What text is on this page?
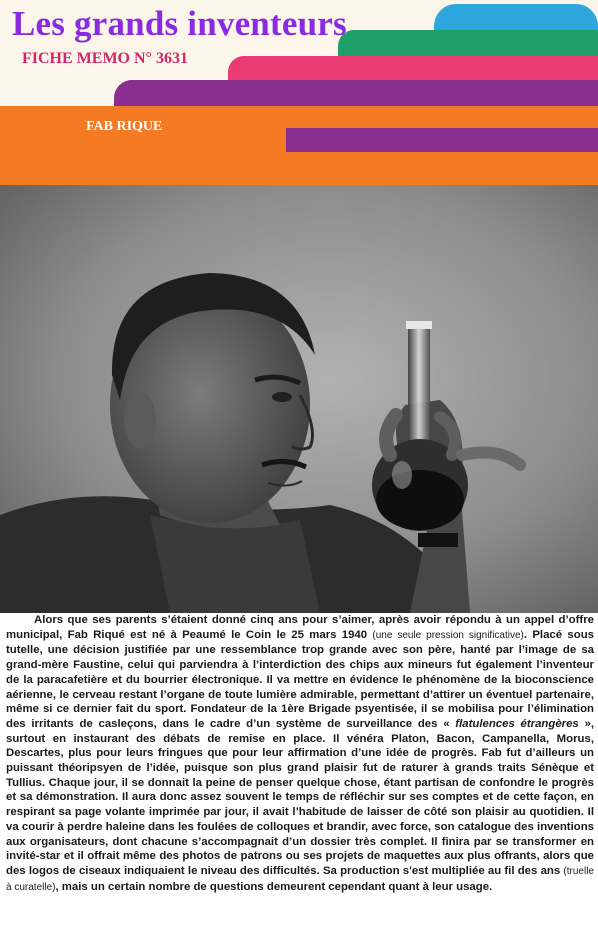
Les grands inventeurs

FICHE MEMO N° 3631

FAB RIQUE

Alors que ses parents s’étaient donné cinq ans pour s’aimer, après avoir répondu à un appel d’offre municipal, Fab Riqué est né à Peaumé le Coin le 25 mars 1940 (une seule pression significative). Placé sous tutelle, une décision justifiée par une ressemblance trop grande avec son père, hanté par l’image de sa grand-mère Faustine, celui qui parviendra à l’interdiction des chips aux mineurs fut également l’inventeur de la paracafetière et du bourrier électronique. Il va mettre en évidence le phénomène de la bioconscience aérienne, le cerveau restant l’organe de toute lumière admirable, permettant d’attirer un éventuel partenaire, même si ce dernier fait du sport. Fondateur de la 1ère Brigade psyentisée, il se mobilisa pour l’élimination des irritants de casleçons, dans le cadre d’un système de surveillance des « flatulences étrangères », surtout en instaurant des débats de remise en place. Il vénéra Platon, Bacon, Campanella, Morus, Descartes, plus pour leurs fringues que pour leur affirmation d’une idée de progrès. Fab fut d’ailleurs un puissant théoripsyen de l’idée, puisque son plus grand plaisir fut de raturer à grands traits Sénèque et Tullius. Chaque jour, il se donnait la peine de penser quelque chose, étant partisan de confondre le progrès et sa démonstration. Il aura donc assez souvent le temps de réfléchir sur ses comptes et de cette façon, en respirant sa page volante imprimée par jour, il avait l’habitude de laisser de côté son plaisir au quotidien. Il va courir à perdre haleine dans les foulées de colloques et brandir, avec force, son catalogue des inventions aux organisateurs, dont chacune s’accompagnait d’un dossier très complet. Il finira par se transformer en invité-star et il offrait même des photos de patrons ou ses projets de maquettes aux plus offrants, alors que des logos de ciseaux indiquaient le niveau des difficultés. Sa production s'est multipliée au fil des ans (truelle à curatelle), mais un certain nombre de questions demeurent cependant quant à leur usage.
